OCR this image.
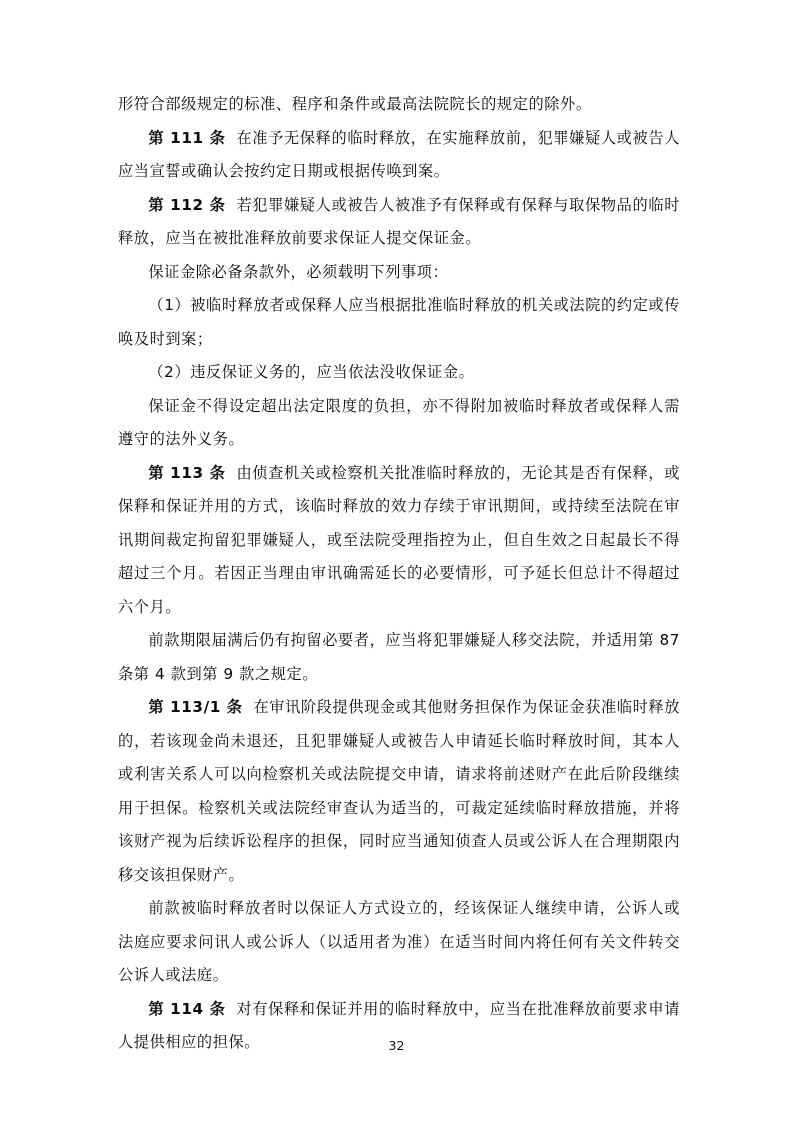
形符合部级规定的标准、程序和条件或最高法院院长的规定的除外。

第 111 条 在准予无保释的临时释放，在实施释放前，犯罪嫌疑人或被告人应当宣誓或确认会按约定日期或根据传唤到案。

第 112 条 若犯罪嫌疑人或被告人被准予有保释或有保释与取保物品的临时释放，应当在被批准释放前要求保证人提交保证金。

保证金除必备条款外，必须载明下列事项：

（1）被临时释放者或保释人应当根据批准临时释放的机关或法院的约定或传唤及时到案；

（2）违反保证义务的，应当依法没收保证金。

保证金不得设定超出法定限度的负担，亦不得附加被临时释放者或保释人需遵守的法外义务。

第 113 条 由侦查机关或检察机关批准临时释放的，无论其是否有保释，或保释和保证并用的方式，该临时释放的效力存续于审讯期间，或持续至法院在审讯期间裁定拘留犯罪嫌疑人，或至法院受理指控为止，但自生效之日起最长不得超过三个月。若因正当理由审讯确需延长的必要情形，可予延长但总计不得超过六个月。

前款期限届满后仍有拘留必要者，应当将犯罪嫌疑人移交法院，并适用第 87 条第 4 款到第 9 款之规定。

第 113/1 条 在审讯阶段提供现金或其他财务担保作为保证金获准临时释放的，若该现金尚未退还，且犯罪嫌疑人或被告人申请延长临时释放时间，其本人或利害关系人可以向检察机关或法院提交申请，请求将前述财产在此后阶段继续用于担保。检察机关或法院经审查认为适当的，可裁定延续临时释放措施，并将该财产视为后续诉讼程序的担保，同时应当通知侦查人员或公诉人在合理期限内移交该担保财产。

前款被临时释放者时以保证人方式设立的，经该保证人继续申请，公诉人或法庭应要求问讯人或公诉人（以适用者为准）在适当时间内将任何有关文件转交公诉人或法庭。

第 114 条 对有保释和保证并用的临时释放中，应当在批准释放前要求申请人提供相应的担保。	32
